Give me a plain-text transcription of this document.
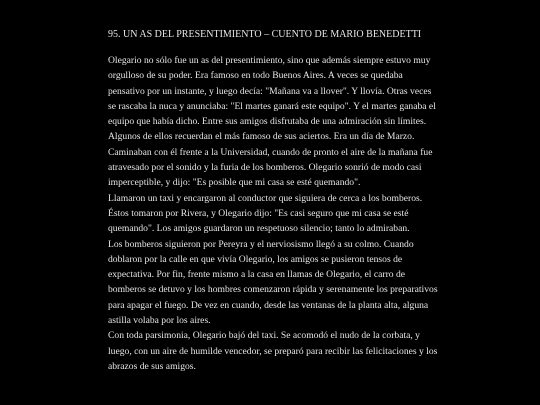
95. UN AS DEL PRESENTIMIENTO – CUENTO DE MARIO BENEDETTI

Olegario no sólo fue un as del presentimiento, sino que además siempre estuvo muy orgulloso de su poder. Era famoso en todo Buenos Aires. A veces se quedaba pensativo por un instante, y luego decía: "Mañana va a llover". Y llovía. Otras veces se rascaba la nuca y anunciaba: "El martes ganará este equipo". Y el martes ganaba el equipo que había dicho. Entre sus amigos disfrutaba de una admiración sin límites.

Algunos de ellos recuerdan el más famoso de sus aciertos. Era un día de Marzo. Caminaban con él frente a la Universidad, cuando de pronto el aire de la mañana fue atravesado por el sonido y la furia de los bomberos. Olegario sonrió de modo casi imperceptible, y dijo: "Es posible que mi casa se esté quemando".

Llamaron un taxi y encargaron al conductor que siguiera de cerca a los bomberos. Éstos tomaron por Rivera, y Olegario dijo: "Es casi seguro que mi casa se esté quemando". Los amigos guardaron un respetuoso silencio; tanto lo admiraban.

Los bomberos siguieron por Pereyra y el nerviosismo llegó a su colmo. Cuando doblaron por la calle en que vivía Olegario, los amigos se pusieron tensos de expectativa. Por fin, frente mismo a la casa en llamas de Olegario, el carro de bomberos se detuvo y los hombres comenzaron rápida y serenamente los preparativos para apagar el fuego. De vez en cuando, desde las ventanas de la planta alta, alguna astilla volaba por los aires.

Con toda parsimonia, Olegario bajó del taxi. Se acomodó el nudo de la corbata, y luego, con un aire de humilde vencedor, se preparó para recibir las felicitaciones y los abrazos de sus amigos.
